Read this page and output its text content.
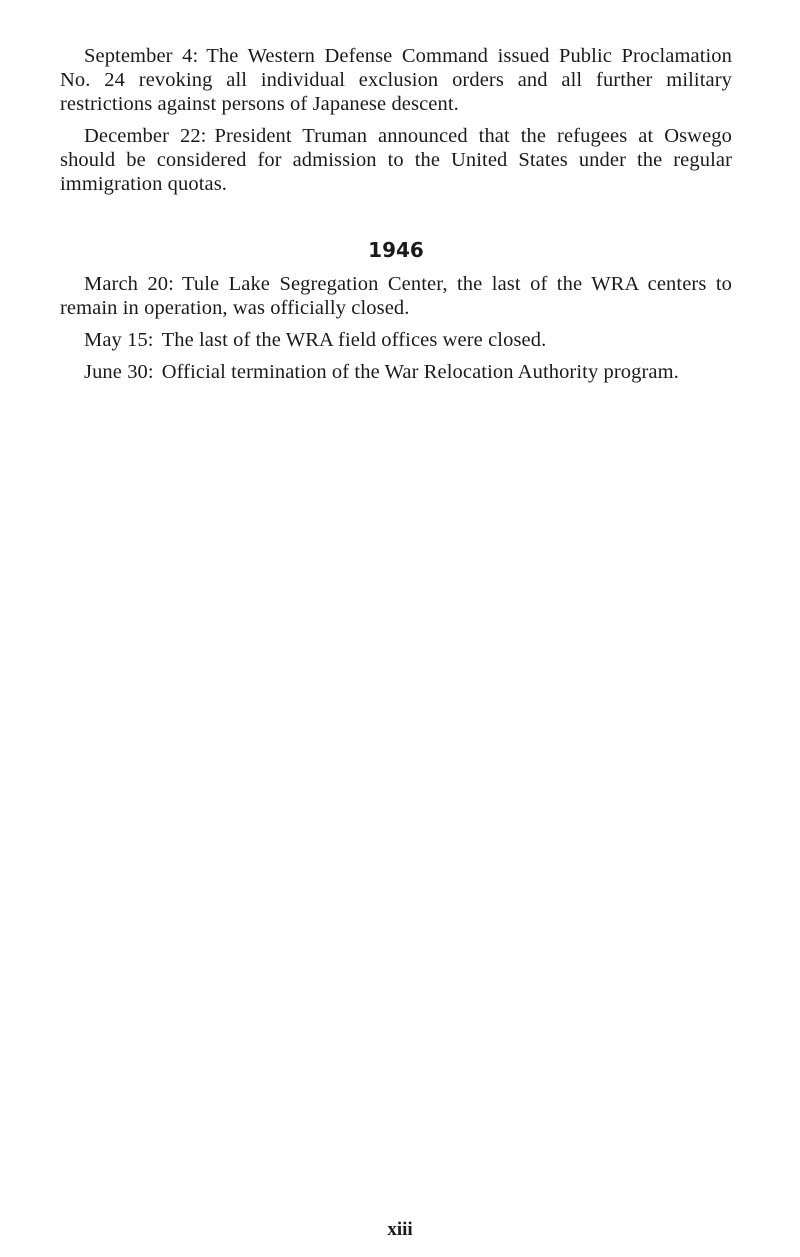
September 4: The Western Defense Command issued Public Proclamation No. 24 revoking all individual exclusion orders and all further military restrictions against persons of Japanese descent.

December 22: President Truman announced that the refugees at Oswego should be considered for admission to the United States under the regular immigration quotas.

1946

March 20: Tule Lake Segregation Center, the last of the WRA centers to remain in operation, was officially closed.

May 15: The last of the WRA field offices were closed.

June 30: Official termination of the War Relocation Authority program.

xiii
